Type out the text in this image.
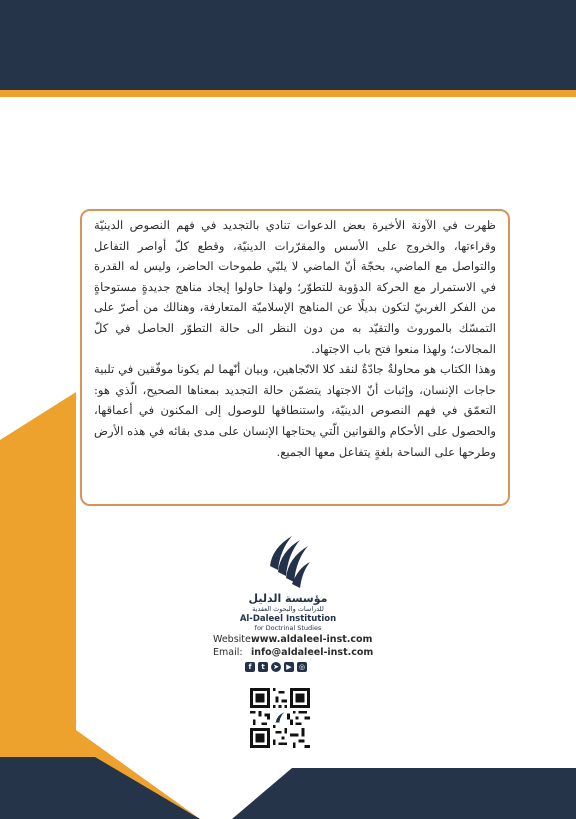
ظهرت في الآونة الأخيرة بعض الدعوات تنادي بالتجديد في فهم النصوص الدينيّة وقراءتها، والخروج على الأسس والمقرّرات الدينيّة، وقطع كلّ أواصر التفاعل والتواصل مع الماضي، بحجّة أنّ الماضي لا يلبّي طموحات الحاضر، وليس له القدرة في الاستمرار مع الحركة الدؤوبة للتطوّر؛ ولهذا حاولوا إيجاد مناهج جديدةٍ مستوحاةٍ من الفكر الغربيّ لتكون بديلًا عن المناهج الإسلاميّة المتعارفة، وهنالك من أصرّ على التمسّك بالموروث والتقيّد به من دون النظر الى حالة التطوّر الحاصل في كلّ المجالات؛ ولهذا منعوا فتح باب الاجتهاد.

وهذا الكتاب هو محاولةٌ جادّةٌ لنقد كلا الاتّجاهين، وبيان أنّهما لم يكونا موفّقين في تلبية حاجات الإنسان، وإثبات أنّ الاجتهاد يتضمّن حالة التجديد بمعناها الصحيح، الّذي هو: التعمّق في فهم النصوص الدينيّة، واستنطاقها للوصول إلى المكنون في أعماقها، والحصول على الأحكام والقوانين الّتي يحتاجها الإنسان على مدى بقائه في هذه الأرض وطرحها على الساحة بلغةٍ يتفاعل معها الجميع.

مؤسسة الدليل
للدراسات والبحوث العقدية
Al-Daleel Institution
for Doctrinal Studies
Website:www.aldaleel-inst.com
Email: info@aldaleel-inst.com
f	t	➤	▶	◎
